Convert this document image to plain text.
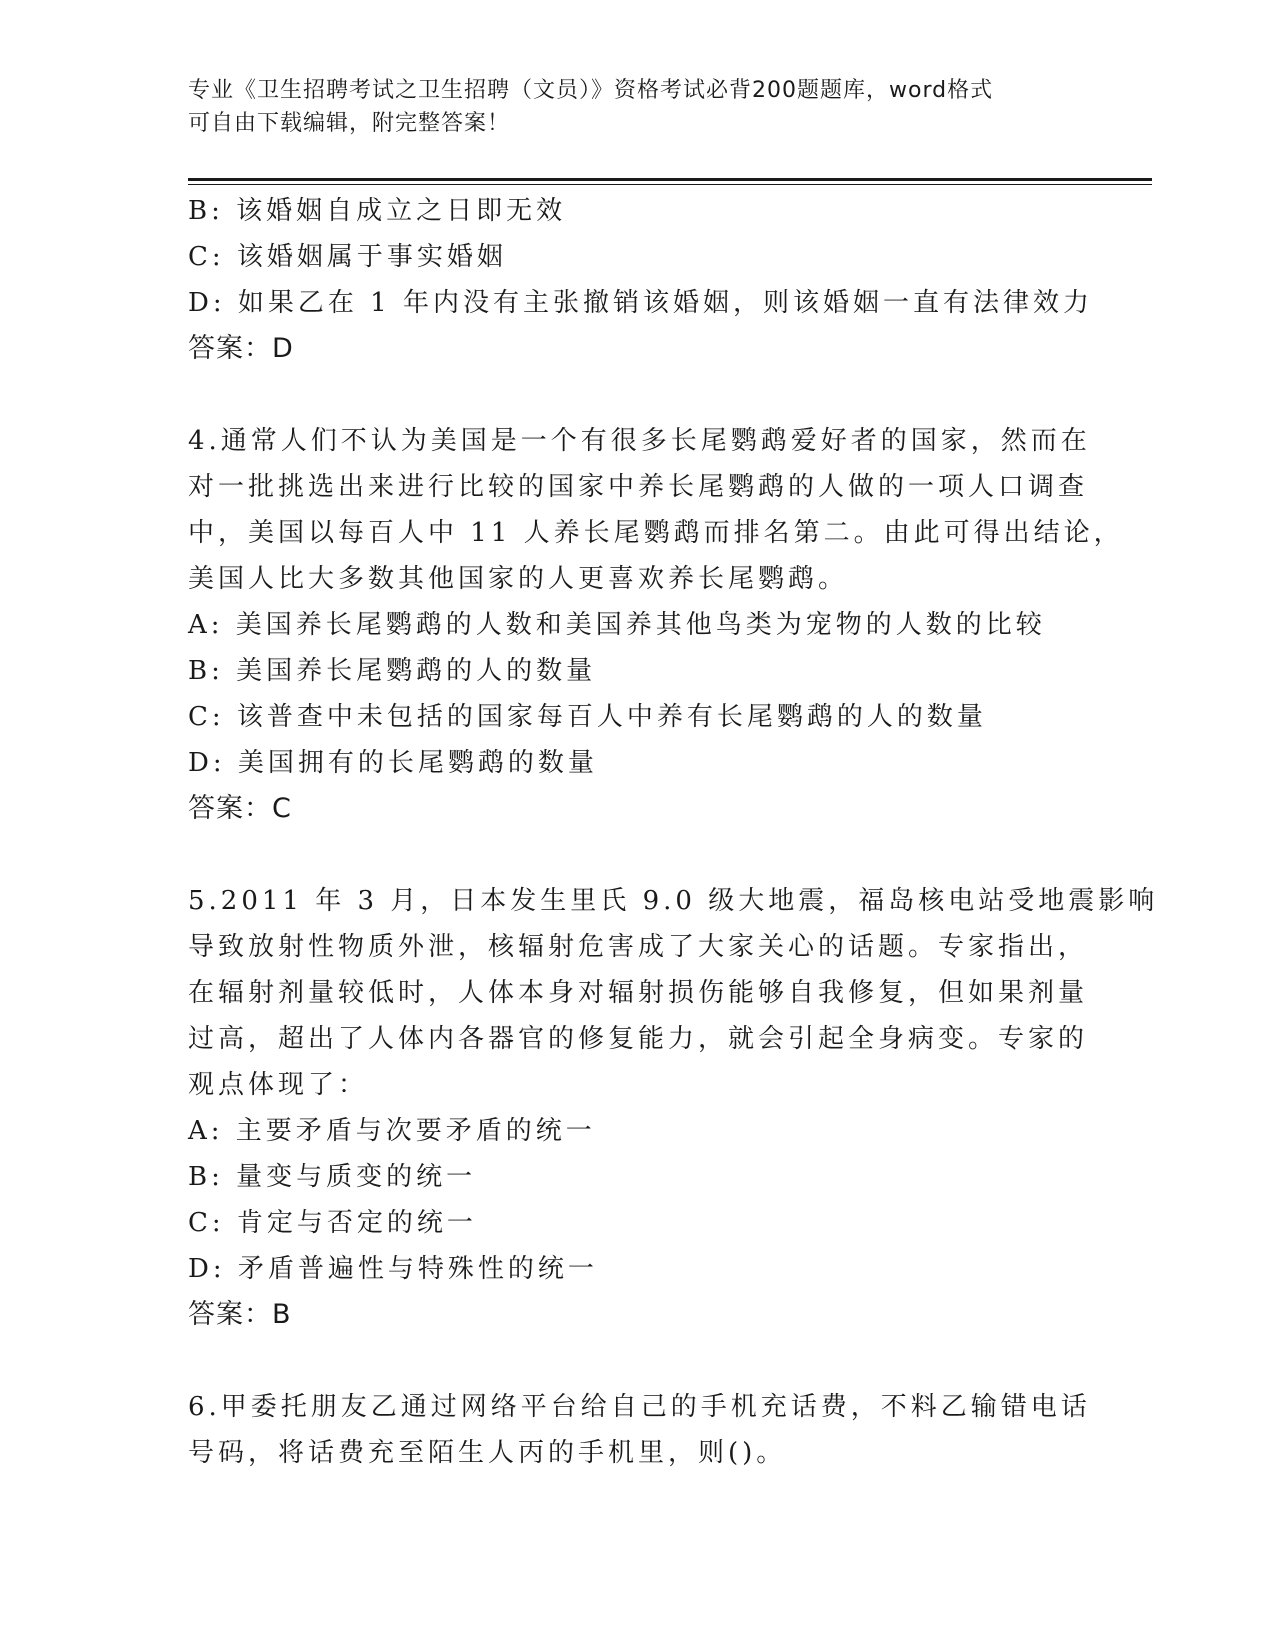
专业《卫生招聘考试之卫生招聘（文员）》资格考试必背200题题库，word格式
可自由下载编辑，附完整答案！
B: 该婚姻自成立之日即无效
C: 该婚姻属于事实婚姻
D: 如果乙在 1 年内没有主张撤销该婚姻，则该婚姻一直有法律效力
答案：D
4.通常人们不认为美国是一个有很多长尾鹦鹉爱好者的国家，然而在
对一批挑选出来进行比较的国家中养长尾鹦鹉的人做的一项人口调查
中，美国以每百人中 11 人养长尾鹦鹉而排名第二。由此可得出结论，
美国人比大多数其他国家的人更喜欢养长尾鹦鹉。
A: 美国养长尾鹦鹉的人数和美国养其他鸟类为宠物的人数的比较
B: 美国养长尾鹦鹉的人的数量
C: 该普查中未包括的国家每百人中养有长尾鹦鹉的人的数量
D: 美国拥有的长尾鹦鹉的数量
答案：C
5.2011 年 3 月，日本发生里氏 9.0 级大地震，福岛核电站受地震影响
导致放射性物质外泄，核辐射危害成了大家关心的话题。专家指出，
在辐射剂量较低时，人体本身对辐射损伤能够自我修复，但如果剂量
过高，超出了人体内各器官的修复能力，就会引起全身病变。专家的
观点体现了：
A: 主要矛盾与次要矛盾的统一
B: 量变与质变的统一
C: 肯定与否定的统一
D: 矛盾普遍性与特殊性的统一
答案：B
6.甲委托朋友乙通过网络平台给自己的手机充话费，不料乙输错电话
号码，将话费充至陌生人丙的手机里，则()。
